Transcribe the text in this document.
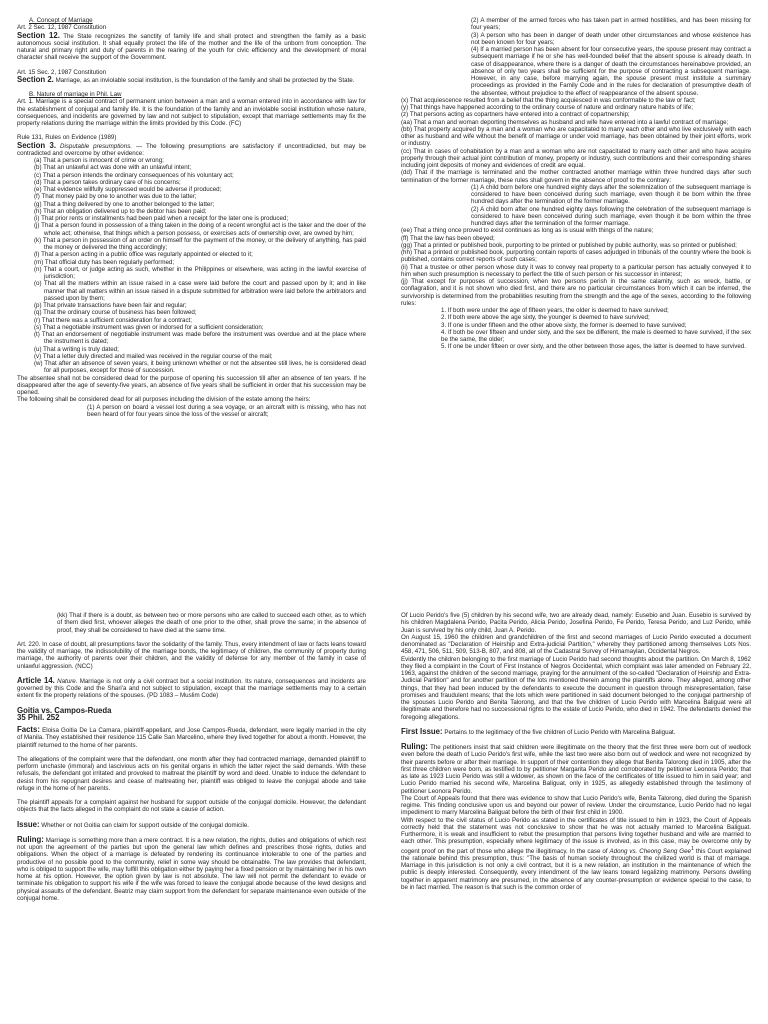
A. Concept of Marriage

Art. 2 Sec. 12, 1987 Constitution

Section 12. The State recognizes the sanctity of family life and shall protect and strengthen the family as a basic autonomous social institution. It shall equally protect the life of the mother and the life of the unborn from conception. The natural and primary right and duty of parents in the rearing of the youth for civic efficiency and the development of moral character shall receive the support of the Government.

Art. 15 Sec. 2, 1987 Constitution

Section 2. Marriage, as an inviolable social institution, is the foundation of the family and shall be protected by the State.

B. Nature of marriage in Phil. Law

Art. 1. Marriage is a special contract of permanent union between a man and a woman entered into in accordance with law for the establishment of conjugal and family life. It is the foundation of the family and an inviolable social institution whose nature, consequences, and incidents are governed by law and not subject to stipulation, except that marriage settlements may fix the property relations during the marriage within the limits provided by this Code. (FC)

Rule 131, Rules on Evidence (1989)

Section 3. Disputable presumptions. — The following presumptions are satisfactory if uncontradicted, but may be contradicted and overcome by other evidence:

(a) That a person is innocent of crime or wrong;

(b) That an unlawful act was done with an unlawful intent;

(c) That a person intends the ordinary consequences of his voluntary act;

(d) That a person takes ordinary care of his concerns;

(e) That evidence willfully suppressed would be adverse if produced;

(f) That money paid by one to another was due to the latter;

(g) That a thing delivered by one to another belonged to the latter;

(h) That an obligation delivered up to the debtor has been paid;

(i) That prior rents or installments had been paid when a receipt for the later one is produced;

(j) That a person found in possession of a thing taken in the doing of a recent wrongful act is the taker and the doer of the whole act; otherwise, that things which a person possess, or exercises acts of ownership over, are owned by him;

(k) That a person in possession of an order on himself for the payment of the money, or the delivery of anything, has paid the money or delivered the thing accordingly;

(l) That a person acting in a public office was regularly appointed or elected to it;

(m) That official duty has been regularly performed;

(n) That a court, or judge acting as such, whether in the Philippines or elsewhere, was acting in the lawful exercise of jurisdiction;

(o) That all the matters within an issue raised in a case were laid before the court and passed upon by it; and in like manner that all matters within an issue raised in a dispute submitted for arbitration were laid before the arbitrators and passed upon by them;

(p) That private transactions have been fair and regular;

(q) That the ordinary course of business has been followed;

(r) That there was a sufficient consideration for a contract;

(s) That a negotiable instrument was given or indorsed for a sufficient consideration;

(t) That an endorsement of negotiable instrument was made before the instrument was overdue and at the place where the instrument is dated;

(u) That a writing is truly dated;

(v) That a letter duly directed and mailed was received in the regular course of the mail;

(w) That after an absence of seven years, it being unknown whether or not the absentee still lives, he is considered dead for all purposes, except for those of succession.

The absentee shall not be considered dead for the purpose of opening his succession till after an absence of ten years. If he disappeared after the age of seventy-five years, an absence of five years shall be sufficient in order that his succession may be opened.

The following shall be considered dead for all purposes including the division of the estate among the heirs:

(1) A person on board a vessel lost during a sea voyage, or an aircraft with is missing, who has not been heard of for four years since the loss of the vessel or aircraft;

(2) A member of the armed forces who has taken part in armed hostilities, and has been missing for four years;

(3) A person who has been in danger of death under other circumstances and whose existence has not been known for four years;

(4) If a married person has been absent for four consecutive years, the spouse present may contract a subsequent marriage if he or she has well-founded belief that the absent spouse is already death. In case of disappearance, where there is a danger of death the circumstances hereinabove provided, an absence of only two years shall be sufficient for the purpose of contracting a subsequent marriage. However, in any case, before marrying again, the spouse present must institute a summary proceedings as provided in the Family Code and in the rules for declaration of presumptive death of the absentee, without prejudice to the effect of reappearance of the absent spouse.

(x) That acquiescence resulted from a belief that the thing acquiesced in was conformable to the law or fact;

(y) That things have happened according to the ordinary course of nature and ordinary nature habits of life;

(z) That persons acting as copartners have entered into a contract of copartnership;

(aa) That a man and woman deporting themselves as husband and wife have entered into a lawful contract of marriage;

(bb) That property acquired by a man and a woman who are capacitated to marry each other and who live exclusively with each other as husband and wife without the benefit of marriage or under void marriage, has been obtained by their joint efforts, work or industry.

(cc) That in cases of cohabitation by a man and a woman who are not capacitated to marry each other and who have acquire properly through their actual joint contribution of money, property or industry, such contributions and their corresponding shares including joint deposits of money and evidences of credit are equal.

(dd) That if the marriage is terminated and the mother contracted another marriage within three hundred days after such termination of the former marriage, these rules shall govern in the absence of proof to the contrary:

(1) A child born before one hundred eighty days after the solemnization of the subsequent marriage is considered to have been conceived during such marriage, even though it be born within the three hundred days after the termination of the former marriage.

(2) A child born after one hundred eighty days following the celebration of the subsequent marriage is considered to have been conceived during such marriage, even though it be born within the three hundred days after the termination of the former marriage.

(ee) That a thing once proved to exist continues as long as is usual with things of the nature;

(ff) That the law has been obeyed;

(gg) That a printed or published book, purporting to be printed or published by public authority, was so printed or published;

(hh) That a printed or published book, purporting contain reports of cases adjudged in tribunals of the country where the book is published, contains correct reports of such cases;

(ii) That a trustee or other person whose duty it was to convey real property to a particular person has actually conveyed it to him when such presumption is necessary to perfect the title of such person or his successor in interest;

(jj) That except for purposes of succession, when two persons perish in the same calamity, such as wreck, battle, or conflagration, and it is not shown who died first, and there are no particular circumstances from which it can be inferred, the survivorship is determined from the probabilities resulting from the strength and the age of the sexes, according to the following rules:

1. If both were under the age of fifteen years, the older is deemed to have survived;

2. If both were above the age sixty, the younger is deemed to have survived;

3. If one is under fifteen and the other above sixty, the former is deemed to have survived;

4. If both be over fifteen and under sixty, and the sex be different, the male is deemed to have survived, if the sex be the same, the older;

5. If one be under fifteen or over sixty, and the other between those ages, the latter is deemed to have survived.

(kk) That if there is a doubt, as between two or more persons who are called to succeed each other, as to which of them died first, whoever alleges the death of one prior to the other, shall prove the same; in the absence of proof, they shall be considered to have died at the same time.

Art. 220. In case of doubt, all presumptions favor the solidarity of the family. Thus, every intendment of law or facts leans toward the validity of marriage, the indissolubility of the marriage bonds, the legitimacy of children, the community of property during marriage, the authority of parents over their children, and the validity of defense for any member of the family in case of unlawful aggression. (NCC)

Article 14. Nature. Marriage is not only a civil contract but a social institution. Its nature, consequences and incidents are governed by this Code and the Shari'a and not subject to stipulation, except that the marriage settlements may to a certain extent fix the property relations of the spouses. (PD 1083 – Muslim Code)

Goitia vs. Campos-Rueda

35 Phil. 252

Facts: Eloisa Goitia De La Camara, plaintiff-appellant, and Jose Campos-Rueda, defendant, were legally married in the city of Manila. They established their residence 115 Calle San Marcelino, where they lived together for about a month. However, the plaintiff returned to the home of her parents.

The allegations of the complaint were that the defendant, one month after they had contracted marriage, demanded plaintiff to perform unchaste (immoral) and lascivious acts on his genital organs in which the latter reject the said demands. With these refusals, the defendant got irritated and provoked to maltreat the plaintiff by word and deed. Unable to induce the defendant to desist from his repugnant desires and cease of maltreating her, plaintiff was obliged to leave the conjugal abode and take refuge in the home of her parents.

The plaintiff appeals for a complaint against her husband for support outside of the conjugal domicile. However, the defendant objects that the facts alleged in the complaint do not state a cause of action.

Issue: Whether or not Goitia can claim for support outside of the conjugal domicile.

Ruling: Marriage is something more than a mere contract. It is a new relation, the rights, duties and obligations of which rest not upon the agreement of the parties but upon the general law which defines and prescribes those rights, duties and obligations. When the object of a marriage is defeated by rendering its continuance intolerable to one of the parties and productive of no possible good to the community, relief in some way should be obtainable. The law provides that defendant, who is obliged to support the wife, may fulfill this obligation either by paying her a fixed pension or by maintaining her in his own home at his option. However, the option given by law is not absolute. The law will not permit the defendant to evade or terminate his obligation to support his wife if the wife was forced to leave the conjugal abode because of the lewd designs and physical assaults of the defendant. Beatriz may claim support from the defendant for separate maintenance even outside of the conjugal home.

Of Lucio Perido's five (5) children by his second wife, two are already dead, namely: Eusebio and Juan. Eusebio is survived by his children Magdalena Perido, Pacita Perido, Alicia Perido, Josefina Perido, Fe Perido, Teresa Perido, and Luz Perido, while Juan is survived by his only child, Juan A. Perido.

On August 15, 1960 the children and grandchildren of the first and second marriages of Lucio Perido executed a document denominated as "Declaration of Heirship and Extra-judicial Partition," whereby they partitioned among themselves Lots Nos. 458, 471, 506, 511, 509, 513-B, 807, and 808, all of the Cadastral Survey of Himamaylan, Occidental Negros.

Evidently the children belonging to the first marriage of Lucio Perido had second thoughts about the partition. On March 8, 1962 they filed a complaint in the Court of First Instance of Negros Occidental, which complaint was later amended on February 22, 1963, against the children of the second marriage, praying for the annulment of the so-called "Declaration of Heirship and Extra-Judicial Partition" and for another partition of the lots mentioned therein among the plaintiffs alone. They alleged, among other things, that they had been induced by the defendants to execute the document in question through misrepresentation, false promises and fraudulent means; that the lots which were partitioned in said document belonged to the conjugal partnership of the spouses Lucio Perido and Benita Talorong, and that the five children of Lucio Perido with Marcelina Baliguat were all illegitimate and therefore had no successional rights to the estate of Lucio Perido, who died in 1942. The defendants denied the foregoing allegations.

First Issue: Pertains to the legitimacy of the five children of Lucio Perido with Marcelina Baliguat.

Ruling: The petitioners insist that said children were illegitimate on the theory that the first three were born out of wedlock even before the death of Lucio Perido's first wife, while the last two were also born out of wedlock and were not recognized by their parents before or after their marriage. In support of their contention they allege that Benita Talorong died in 1905, after the first three children were born, as testified to by petitioner Margarita Perido and corroborated by petitioner Leonora Perido; that as late as 1923 Lucio Perido was still a widower, as shown on the face of the certificates of title issued to him in said year; and Lucio Perido married his second wife, Marcelina Baliguat, only in 1925, as allegedly established through the testimony of petitioner Leonora Perido.

The Court of Appeals found that there was evidence to show that Lucio Perido's wife, Benita Talorong, died during the Spanish regime. This finding conclusive upon us and beyond our power of review. Under the circumstance, Lucio Perido had no legal impediment to marry Marcelina Baliguat before the birth of their first child in 1900.

With respect to the civil status of Lucio Perido as stated in the certificates of title issued to him in 1923, the Court of Appeals correctly held that the statement was not conclusive to show that he was not actually married to Marcelina Baliguat. Furthermore, it is weak and insufficient to rebut the presumption that persons living together husband and wife are married to each other. This presumption, especially where legitimacy of the issue is involved, as in this case, may be overcome only by cogent proof on the part of those who allege the illegitimacy. In the case of Adong vs. Cheong Seng Gee$^1$ this Court explained the rationale behind this presumption, thus: "The basis of human society throughout the civilized world is that of marriage. Marriage in this jurisdiction is not only a civil contract, but it is a new relation, an institution in the maintenance of which the public is deeply interested. Consequently, every intendment of the law leans toward legalizing matrimony. Persons dwelling together in apparent matrimony are presumed, in the absence of any counter-presumption or evidence special to the case, to be in fact married. The reason is that such is the common order of
